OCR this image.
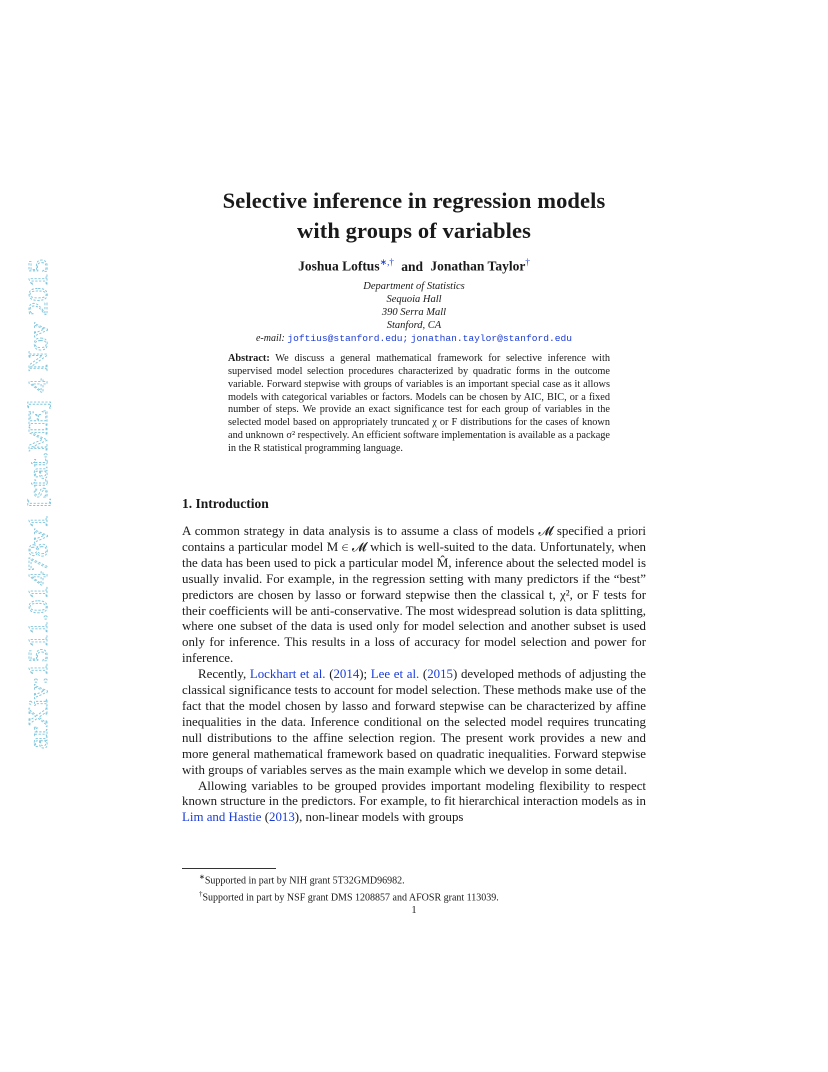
arXiv:1511.01478v1 [stat.ME] 4 Nov 2015
Selective inference in regression models
with groups of variables
Joshua Loftus∗,† and Jonathan Taylor†
Department of Statistics
Sequoia Hall
390 Serra Mall
Stanford, CA
e-mail: joftius@stanford.edu; jonathan.taylor@stanford.edu
Abstract: We discuss a general mathematical framework for selective inference with supervised model selection procedures characterized by quadratic forms in the outcome variable. Forward stepwise with groups of variables is an important special case as it allows models with categorical variables or factors. Models can be chosen by AIC, BIC, or a fixed number of steps. We provide an exact significance test for each group of variables in the selected model based on appropriately truncated χ or F distributions for the cases of known and unknown σ² respectively. An efficient software implementation is available as a package in the R statistical programming language.
1. Introduction

A common strategy in data analysis is to assume a class of models 𝓜 specified a priori contains a particular model M ∈ 𝓜 which is well-suited to the data. Unfortunately, when the data has been used to pick a particular model M̂, inference about the selected model is usually invalid. For example, in the regression setting with many predictors if the “best” predictors are chosen by lasso or forward stepwise then the classical t, χ², or F tests for their coefficients will be anti-conservative. The most widespread solution is data splitting, where one subset of the data is used only for model selection and another subset is used only for inference. This results in a loss of accuracy for model selection and power for inference.

Recently, Lockhart et al. (2014); Lee et al. (2015) developed methods of adjusting the classical significance tests to account for model selection. These methods make use of the fact that the model chosen by lasso and forward stepwise can be characterized by affine inequalities in the data. Inference conditional on the selected model requires truncating null distributions to the affine selection region. The present work provides a new and more general mathematical framework based on quadratic inequalities. Forward stepwise with groups of variables serves as the main example which we develop in some detail.

Allowing variables to be grouped provides important modeling flexibility to respect known structure in the predictors. For example, to fit hierarchical interaction models as in Lim and Hastie (2013), non-linear models with groups

∗Supported in part by NIH grant 5T32GMD96982.
†Supported in part by NSF grant DMS 1208857 and AFOSR grant 113039.
1
